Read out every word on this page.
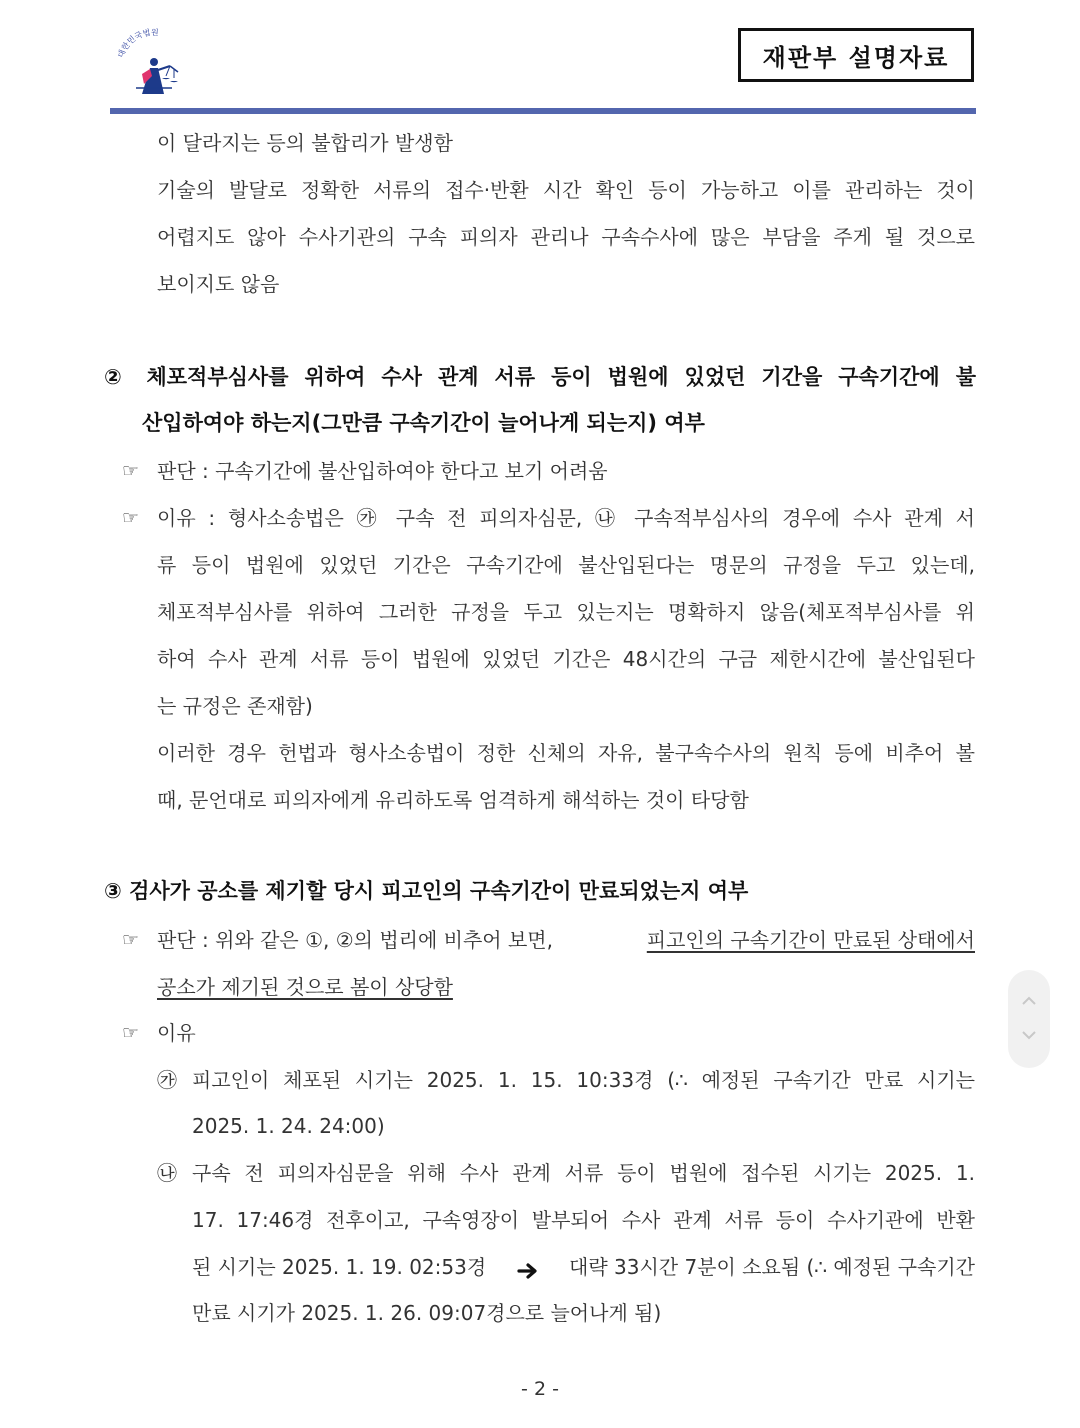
대한민국법원
재판부 설명자료
이 달라지는 등의 불합리가 발생함
기술의 발달로 정확한 서류의 접수·반환 시간 확인 등이 가능하고 이를 관리하는 것이
어렵지도 않아 수사기관의 구속 피의자 관리나 구속수사에 많은 부담을 주게 될 것으로
보이지도 않음
② 체포적부심사를 위하여 수사 관계 서류 등이 법원에 있었던 기간을 구속기간에 불
산입하여야 하는지(그만큼 구속기간이 늘어나게 되는지) 여부
☞ 판단 : 구속기간에 불산입하여야 한다고 보기 어려움
☞ 이유 : 형사소송법은 ㉮ 구속 전 피의자심문, ㉯ 구속적부심사의 경우에 수사 관계 서
류 등이 법원에 있었던 기간은 구속기간에 불산입된다는 명문의 규정을 두고 있는데,
체포적부심사를 위하여 그러한 규정을 두고 있는지는 명확하지 않음(체포적부심사를 위
하여 수사 관계 서류 등이 법원에 있었던 기간은 48시간의 구금 제한시간에 불산입된다
는 규정은 존재함)
이러한 경우 헌법과 형사소송법이 정한 신체의 자유, 불구속수사의 원칙 등에 비추어 볼
때, 문언대로 피의자에게 유리하도록 엄격하게 해석하는 것이 타당함
③ 검사가 공소를 제기할 당시 피고인의 구속기간이 만료되었는지 여부
☞ 판단 : 위와 같은 ①, ②의 법리에 비추어 보면,	피고인의 구속기간이 만료된 상태에서
공소가 제기된 것으로 봄이 상당함
☞ 이유
㉮ 피고인이 체포된 시기는 2025. 1. 15. 10:33경 (∴ 예정된 구속기간 만료 시기는
2025. 1. 24. 24:00)
㉯ 구속 전 피의자심문을 위해 수사 관계 서류 등이 법원에 접수된 시기는 2025. 1.
17. 17:46경 전후이고, 구속영장이 발부되어 수사 관계 서류 등이 수사기관에 반환
된 시기는 2025. 1. 19. 02:53경	대략 33시간 7분이 소요됨 (∴ 예정된 구속기간
만료 시기가 2025. 1. 26. 09:07경으로 늘어나게 됨)
- 2 -
